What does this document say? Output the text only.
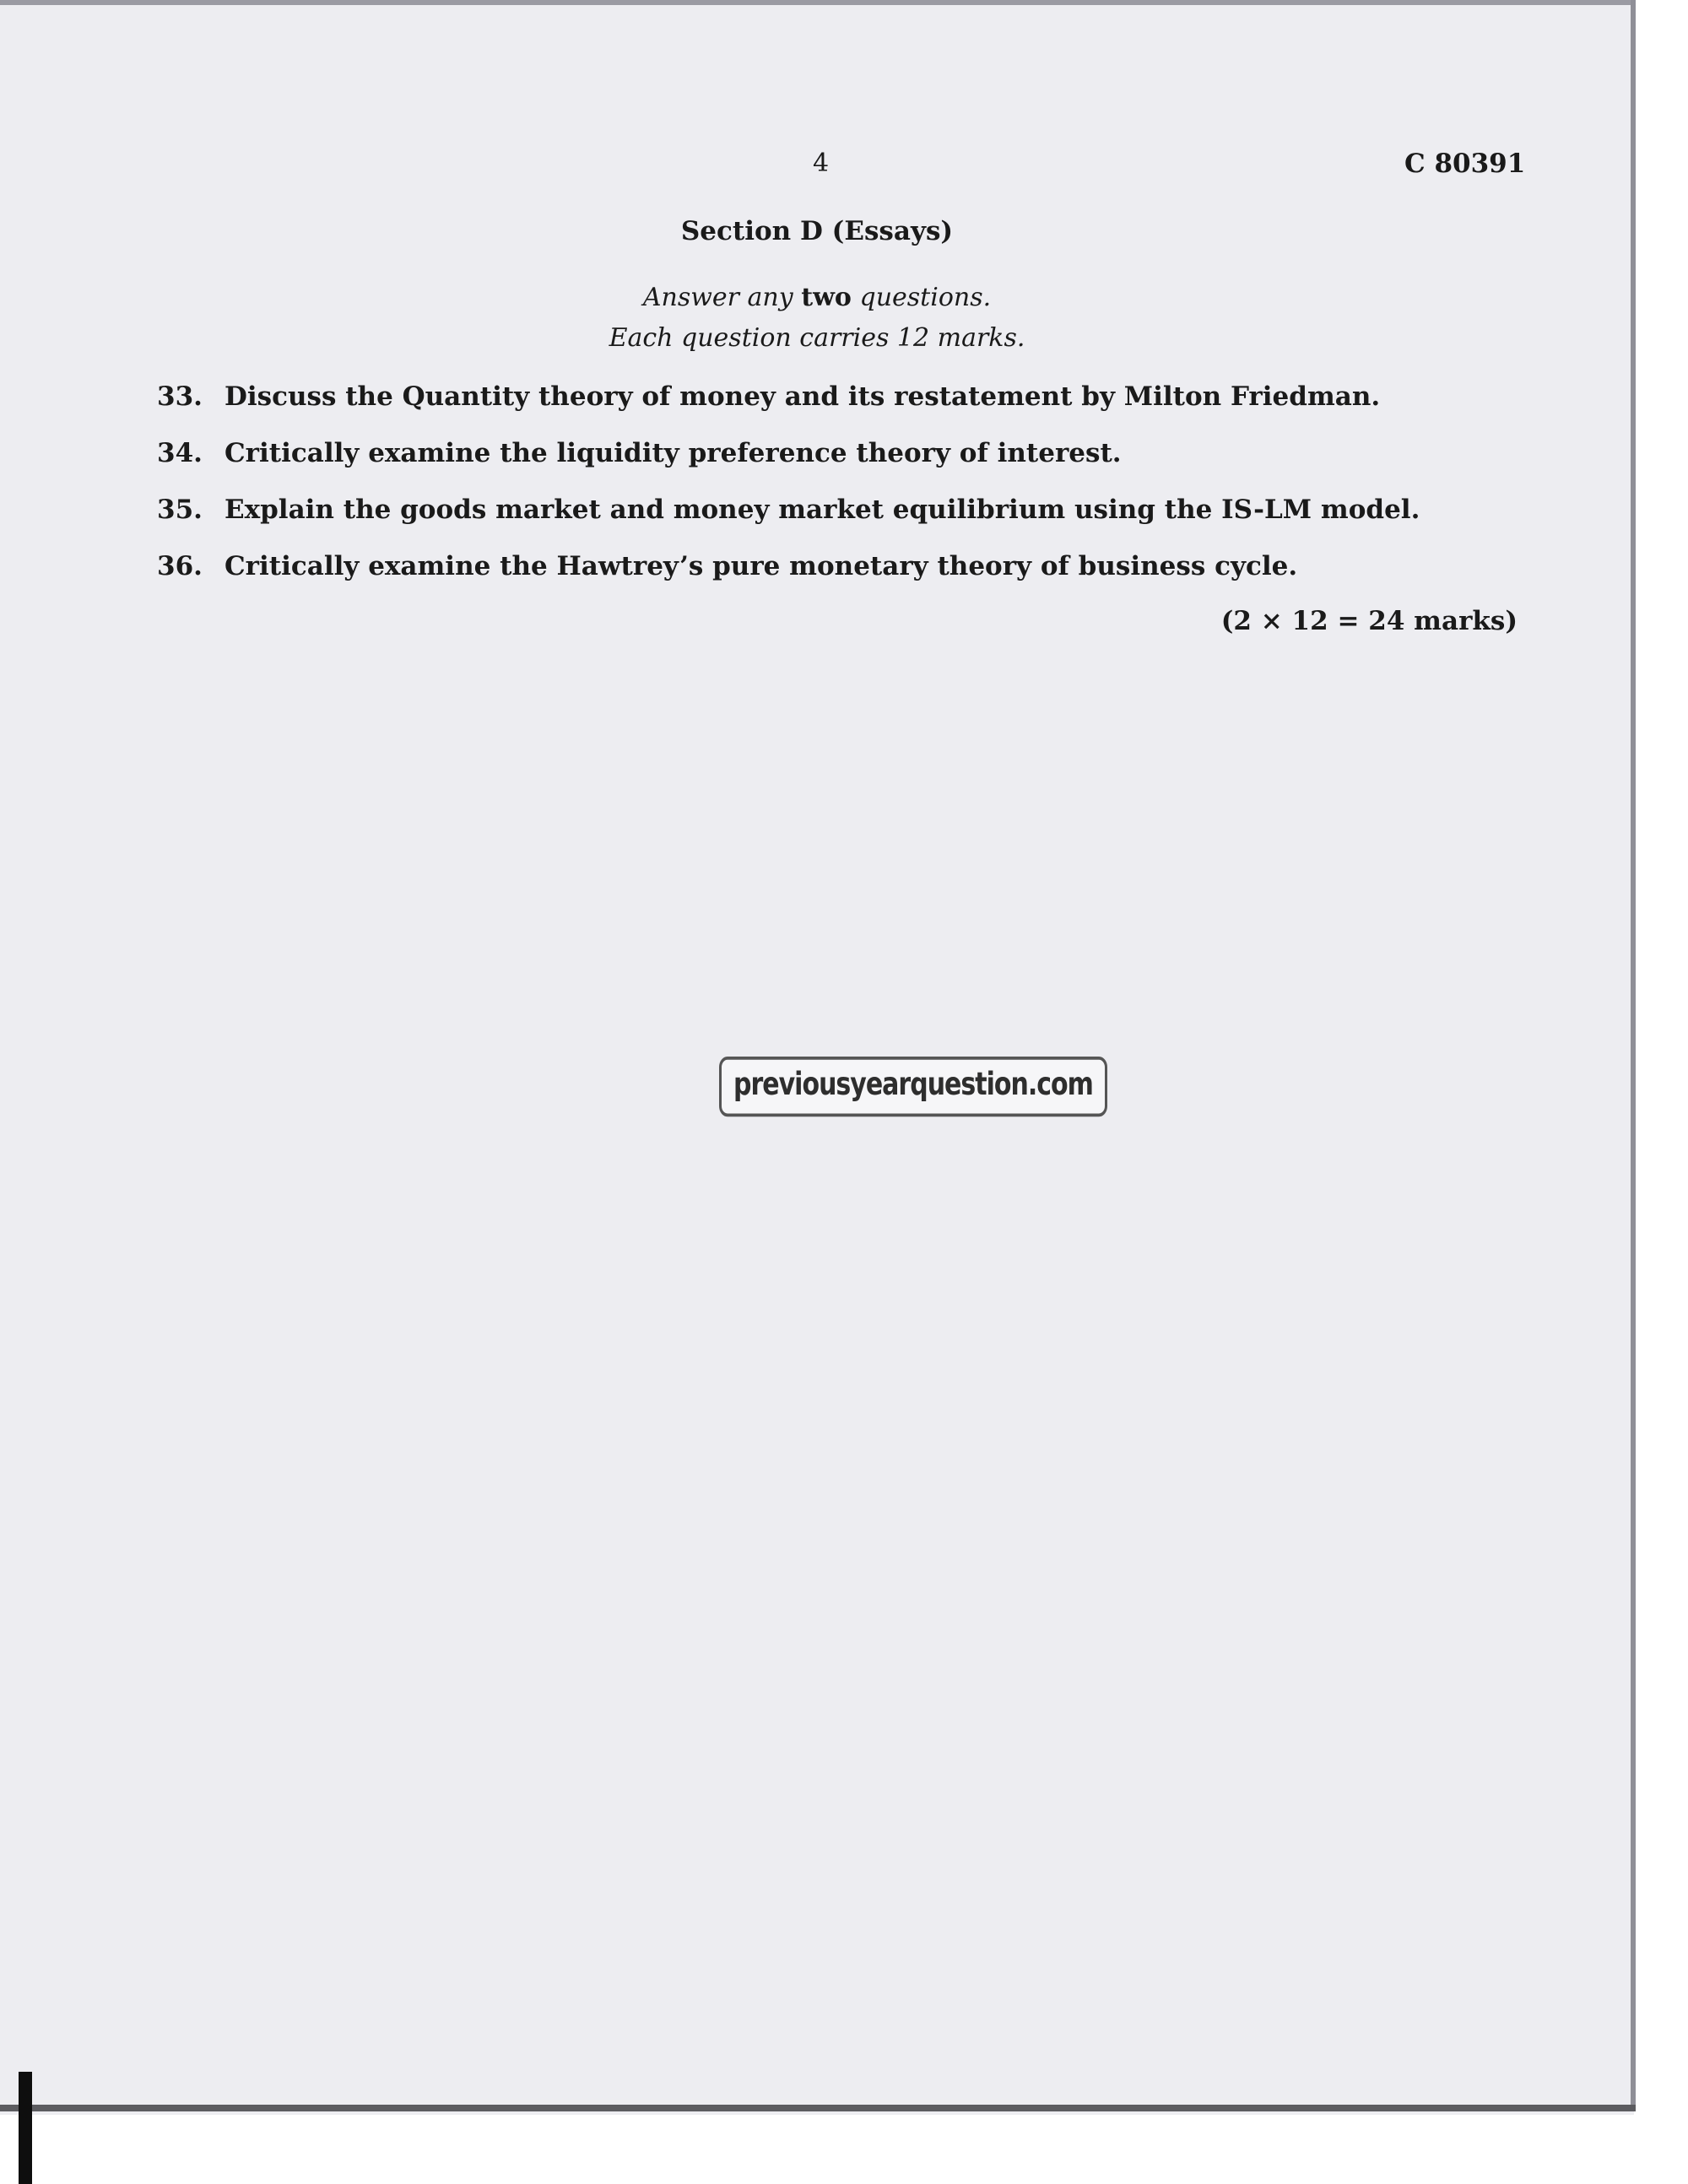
4	C 80391
Section D (Essays)
Answer any two questions.
Each question carries 12 marks.
33. Discuss the Quantity theory of money and its restatement by Milton Friedman.
34. Critically examine the liquidity preference theory of interest.
35. Explain the goods market and money market equilibrium using the IS-LM model.
36. Critically examine the Hawtrey’s pure monetary theory of business cycle.
(2 × 12 = 24 marks)
previousyearquestion.com
